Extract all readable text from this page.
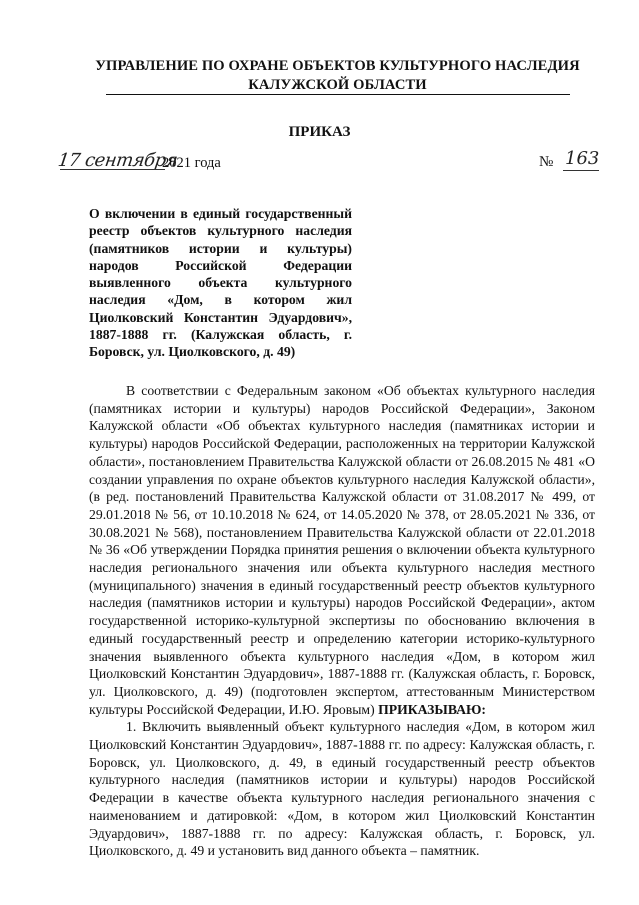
УПРАВЛЕНИЕ ПО ОХРАНЕ ОБЪЕКТОВ КУЛЬТУРНОГО НАСЛЕДИЯ
КАЛУЖСКОЙ ОБЛАСТИ
ПРИКАЗ
17 сентября
2021 года	№ 163
О включении в единый государственный реестр объектов культурного наследия (памятников истории и культуры) народов Российской Федерации выявленного объекта культурного наследия «Дом, в котором жил Циолковский Константин Эдуардович», 1887-1888 гг. (Калужская область, г. Боровск, ул. Циолковского, д. 49)

В соответствии с Федеральным законом «Об объектах культурного наследия (памятниках истории и культуры) народов Российской Федерации», Законом Калужской области «Об объектах культурного наследия (памятниках истории и культуры) народов Российской Федерации, расположенных на территории Калужской области», постановлением Правительства Калужской области от 26.08.2015 № 481 «О создании управления по охране объектов культурного наследия Калужской области», (в ред. постановлений Правительства Калужской области от 31.08.2017 № 499, от 29.01.2018 № 56, от 10.10.2018 № 624, от 14.05.2020 № 378, от 28.05.2021 № 336, от 30.08.2021 № 568), постановлением Правительства Калужской области от 22.01.2018 № 36 «Об утверждении Порядка принятия решения о включении объекта культурного наследия регионального значения или объекта культурного наследия местного (муниципального) значения в единый государственный реестр объектов культурного наследия (памятников истории и культуры) народов Российской Федерации», актом государственной историко-культурной экспертизы по обоснованию включения в единый государственный реестр и определению категории историко-культурного значения выявленного объекта культурного наследия «Дом, в котором жил Циолковский Константин Эдуардович», 1887-1888 гг. (Калужская область, г. Боровск, ул. Циолковского, д. 49) (подготовлен экспертом, аттестованным Министерством культуры Российской Федерации, И.Ю. Яровым) ПРИКАЗЫВАЮ:

1. Включить выявленный объект культурного наследия «Дом, в котором жил Циолковский Константин Эдуардович», 1887-1888 гг. по адресу: Калужская область, г. Боровск, ул. Циолковского, д. 49, в единый государственный реестр объектов культурного наследия (памятников истории и культуры) народов Российской Федерации в качестве объекта культурного наследия регионального значения с наименованием и датировкой: «Дом, в котором жил Циолковский Константин Эдуардович», 1887-1888 гг. по адресу: Калужская область, г. Боровск, ул. Циолковского, д. 49 и установить вид данного объекта – памятник.
